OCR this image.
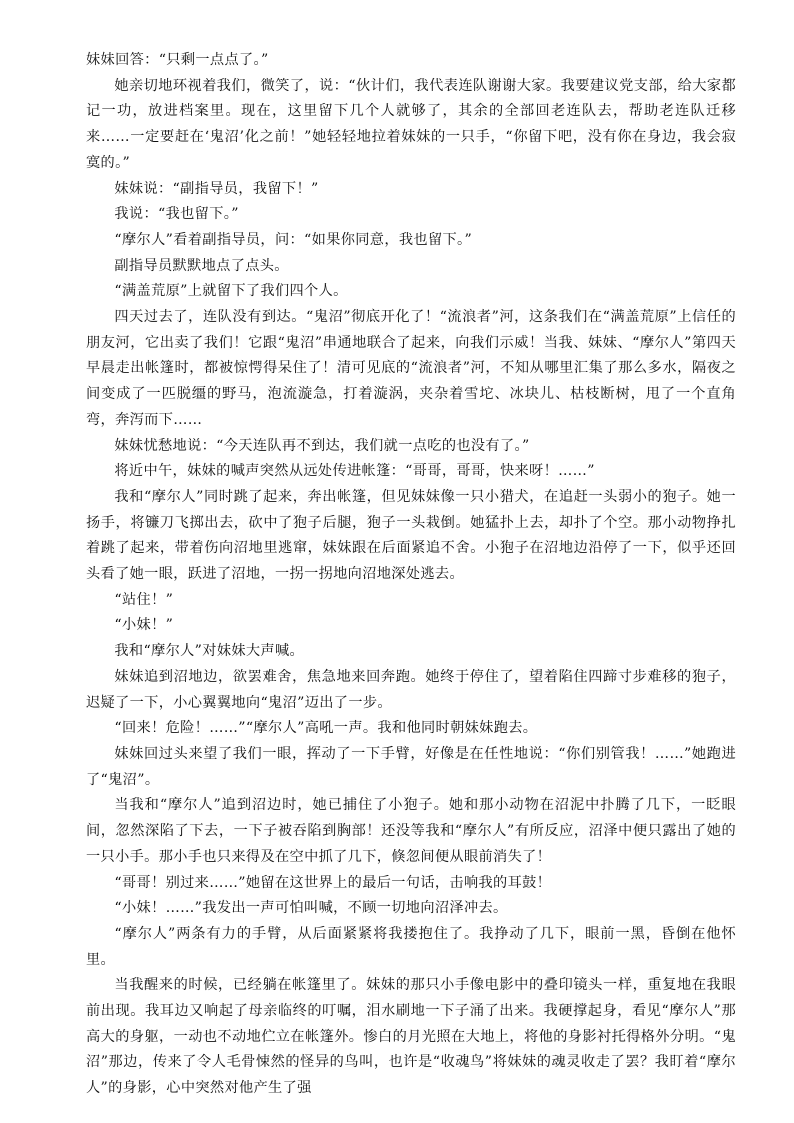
妹妹回答：“只剩一点点了。”

她亲切地环视着我们，微笑了，说：“伙计们，我代表连队谢谢大家。我要建议党支部，给大家都记一功，放进档案里。现在，这里留下几个人就够了，其余的全部回老连队去，帮助老连队迁移来……一定要赶在‘鬼沼’化之前！”她轻轻地拉着妹妹的一只手，“你留下吧，没有你在身边，我会寂寞的。”

妹妹说：“副指导员，我留下！”

我说：“我也留下。”

“摩尔人”看着副指导员，问：“如果你同意，我也留下。”

副指导员默默地点了点头。

“满盖荒原”上就留下了我们四个人。

四天过去了，连队没有到达。“鬼沼”彻底开化了！“流浪者”河，这条我们在“满盖荒原”上信任的朋友河，它出卖了我们！它跟“鬼沼”串通地联合了起来，向我们示威！当我、妹妹、“摩尔人”第四天早晨走出帐篷时，都被惊愕得呆住了！清可见底的“流浪者”河，不知从哪里汇集了那么多水，隔夜之间变成了一匹脱缰的野马，泡流漩急，打着漩涡，夹杂着雪坨、冰块儿、枯枝断树，甩了一个直角弯，奔泻而下……

妹妹忧愁地说：“今天连队再不到达，我们就一点吃的也没有了。”

将近中午，妹妹的喊声突然从远处传进帐篷：“哥哥，哥哥，快来呀！……”

我和“摩尔人”同时跳了起来，奔出帐篷，但见妹妹像一只小猎犬，在追赶一头弱小的狍子。她一扬手，将镰刀飞掷出去，砍中了狍子后腿，狍子一头栽倒。她猛扑上去，却扑了个空。那小动物挣扎着跳了起来，带着伤向沼地里逃窜，妹妹跟在后面紧追不舍。小狍子在沼地边沿停了一下，似乎还回头看了她一眼，跃进了沼地，一拐一拐地向沼地深处逃去。

“站住！”

“小妹！”

我和“摩尔人”对妹妹大声喊。

妹妹追到沼地边，欲罢难舍，焦急地来回奔跑。她终于停住了，望着陷住四蹄寸步难移的狍子，迟疑了一下，小心翼翼地向“鬼沼”迈出了一步。

“回来！危险！……”“摩尔人”高吼一声。我和他同时朝妹妹跑去。

妹妹回过头来望了我们一眼，挥动了一下手臂，好像是在任性地说：“你们别管我！……”她跑进了“鬼沼”。

当我和“摩尔人”追到沼边时，她已捕住了小狍子。她和那小动物在沼泥中扑腾了几下，一眨眼间，忽然深陷了下去，一下子被吞陷到胸部！还没等我和“摩尔人”有所反应，沼泽中便只露出了她的一只小手。那小手也只来得及在空中抓了几下，倏忽间便从眼前消失了！

“哥哥！别过来……”她留在这世界上的最后一句话，击响我的耳鼓！

“小妹！……”我发出一声可怕叫喊，不顾一切地向沼泽冲去。

“摩尔人”两条有力的手臂，从后面紧紧将我搂抱住了。我挣动了几下，眼前一黑，昏倒在他怀里。

当我醒来的时候，已经躺在帐篷里了。妹妹的那只小手像电影中的叠印镜头一样，重复地在我眼前出现。我耳边又响起了母亲临终的叮嘱，泪水刷地一下子涌了出来。我硬撑起身，看见“摩尔人”那高大的身躯，一动也不动地伫立在帐篷外。惨白的月光照在大地上，将他的身影衬托得格外分明。“鬼沼”那边，传来了令人毛骨悚然的怪异的鸟叫，也许是“收魂鸟”将妹妹的魂灵收走了罢？我盯着“摩尔人”的身影，心中突然对他产生了强
